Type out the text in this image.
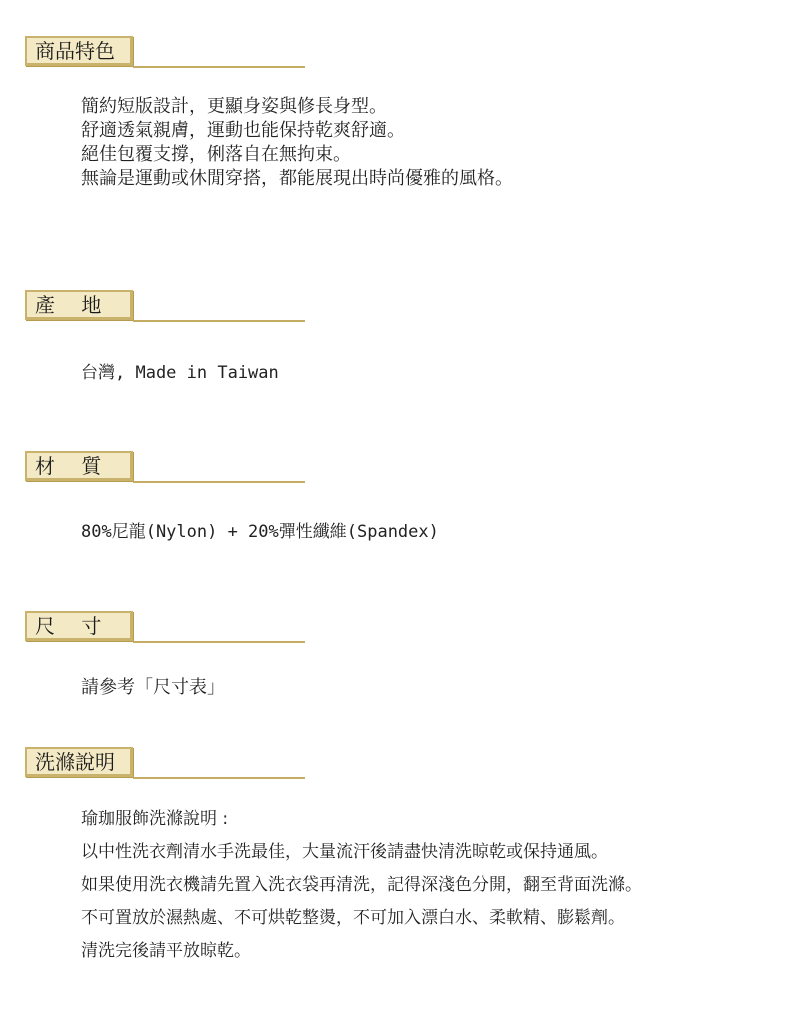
商品特色
簡約短版設計，更顯身姿與修長身型。
舒適透氣親膚，運動也能保持乾爽舒適。
絕佳包覆支撐，俐落自在無拘束。
無論是運動或休閒穿搭，都能展現出時尚優雅的風格。
產　 地
台灣, Made in Taiwan
材　 質
80%尼龍(Nylon) + 20%彈性纖維(Spandex)
尺　 寸
請參考「尺寸表」
洗滌說明
瑜珈服飾洗滌說明 :
以中性洗衣劑清水手洗最佳，大量流汗後請盡快清洗晾乾或保持通風。
如果使用洗衣機請先置入洗衣袋再清洗，記得深淺色分開，翻至背面洗滌。
不可置放於濕熱處、不可烘乾整燙，不可加入漂白水、柔軟精、膨鬆劑。
清洗完後請平放晾乾。
